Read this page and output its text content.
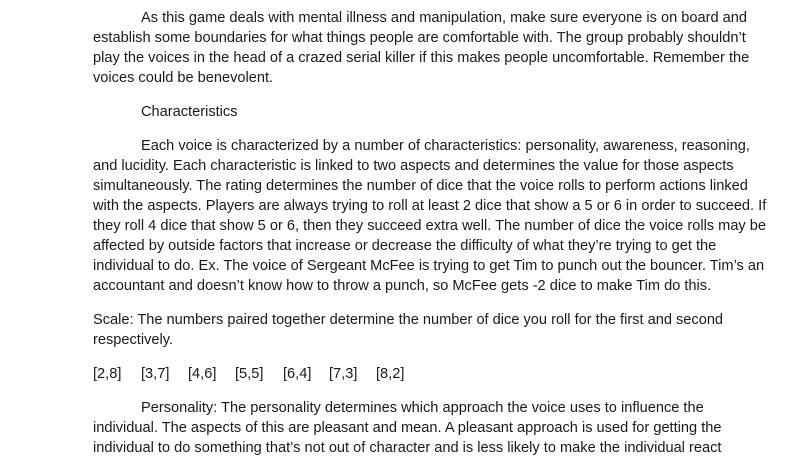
As this game deals with mental illness and manipulation, make sure everyone is on board and
establish some boundaries for what things people are comfortable with. The group probably shouldn’t
play the voices in the head of a crazed serial killer if this makes people uncomfortable. Remember the
voices could be benevolent.
Characteristics
Each voice is characterized by a number of characteristics: personality, awareness, reasoning,
and lucidity. Each characteristic is linked to two aspects and determines the value for those aspects
simultaneously. The rating determines the number of dice that the voice rolls to perform actions linked
with the aspects. Players are always trying to roll at least 2 dice that show a 5 or 6 in order to succeed. If
they roll 4 dice that show 5 or 6, then they succeed extra well. The number of dice the voice rolls may be
affected by outside factors that increase or decrease the difficulty of what they’re trying to get the
individual to do. Ex. The voice of Sergeant McFee is trying to get Tim to punch out the bouncer. Tim’s an
accountant and doesn’t know how to throw a punch, so McFee gets -2 dice to make Tim do this.
Scale: The numbers paired together determine the number of dice you roll for the first and second
respectively.
[2,8] [3,7] [4,6] [5,5] [6,4] [7,3] [8,2]
Personality: The personality determines which approach the voice uses to influence the
individual. The aspects of this are pleasant and mean. A pleasant approach is used for getting the
individual to do something that’s not out of character and is less likely to make the individual react
